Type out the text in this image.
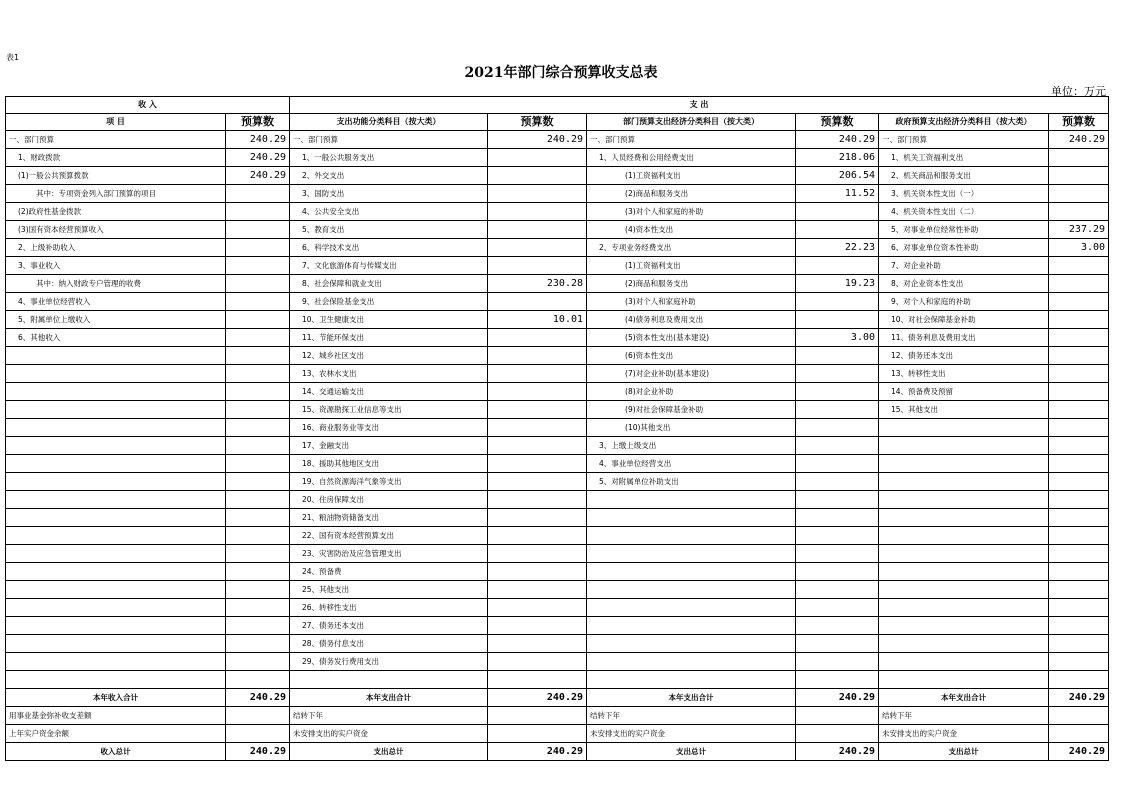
表1
2021年部门综合预算收支总表
单位：万元
收 入		支 出					
项 目	预算数	支出功能分类科目（按大类）	预算数	部门预算支出经济分类科目（按大类）	预算数	政府预算支出经济分类科目（按大类）	预算数
一、部门预算	240.29	一、部门预算	240.29	一、部门预算	240.29	一、部门预算	240.29
1、财政拨款	240.29	1、一般公共服务支出		1、人员经费和公用经费支出	218.06	1、机关工资福利支出	
(1)一般公共预算拨款	240.29	2、外交支出		(1)工资福利支出	206.54	2、机关商品和服务支出	
其中：专项资金列入部门预算的项目		3、国防支出		(2)商品和服务支出	11.52	3、机关资本性支出（一）	
(2)政府性基金拨款		4、公共安全支出		(3)对个人和家庭的补助		4、机关资本性支出（二）	
(3)国有资本经营预算收入		5、教育支出		(4)资本性支出		5、对事业单位经常性补助	237.29
2、上级补助收入		6、科学技术支出		2、专项业务经费支出	22.23	6、对事业单位资本性补助	3.00
3、事业收入		7、文化旅游体育与传媒支出		(1)工资福利支出		7、对企业补助	
其中：纳入财政专户管理的收费		8、社会保障和就业支出	230.28	(2)商品和服务支出	19.23	8、对企业资本性支出	
4、事业单位经营收入		9、社会保险基金支出		(3)对个人和家庭补助		9、对个人和家庭的补助	
5、附属单位上缴收入		10、卫生健康支出	10.01	(4)债务利息及费用支出		10、对社会保障基金补助	
6、其他收入		11、节能环保支出		(5)资本性支出(基本建设)	3.00	11、债务利息及费用支出	
		12、城乡社区支出		(6)资本性支出		12、债务还本支出	
		13、农林水支出		(7)对企业补助(基本建设)		13、转移性支出	
		14、交通运输支出		(8)对企业补助		14、预备费及预留	
		15、资源勘探工业信息等支出		(9)对社会保障基金补助		15、其他支出	
		16、商业服务业等支出		(10)其他支出			
		17、金融支出		3、上缴上级支出			
		18、援助其他地区支出		4、事业单位经营支出			
		19、自然资源海洋气象等支出		5、对附属单位补助支出			
		20、住房保障支出					
		21、粮油物资储备支出					
		22、国有资本经营预算支出					
		23、灾害防治及应急管理支出					
		24、预备费					
		25、其他支出					
		26、转移性支出					
		27、债务还本支出					
		28、债务付息支出					
		29、债务发行费用支出					

本年收入合计	240.29	本年支出合计	240.29	本年支出合计	240.29	本年支出合计	240.29
用事业基金弥补收支差额		结转下年		结转下年		结转下年	
上年实户资金余额		未安排支出的实户资金		未安排支出的实户资金		未安排支出的实户资金	
收入总计	240.29	支出总计	240.29	支出总计	240.29	支出总计	240.29
